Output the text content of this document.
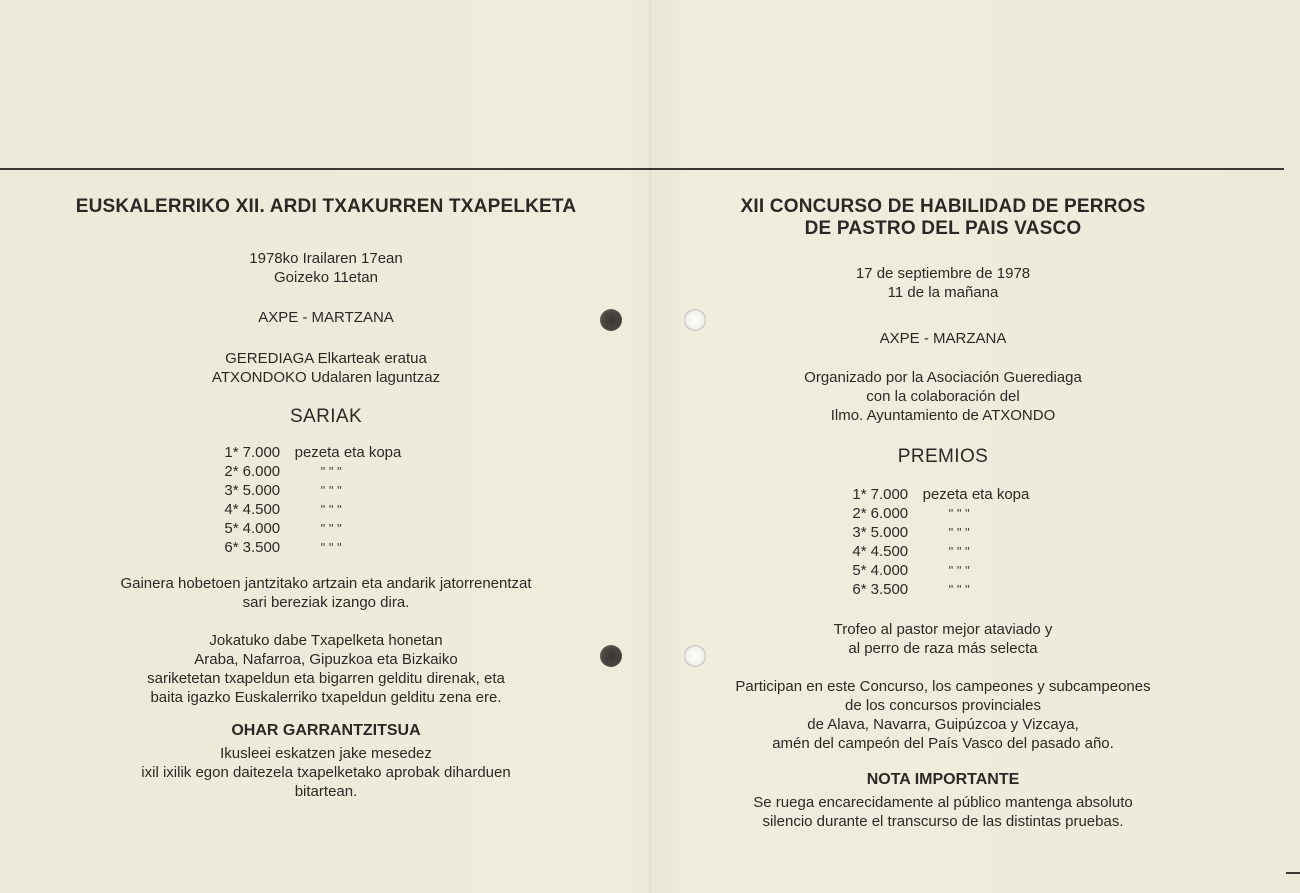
EUSKALERRIKO XII. ARDI TXAKURREN TXAPELKETA

1978ko Irailaren 17ean

Goizeko 11etan

AXPE - MARTZANA

GEREDIAGA Elkarteak eratua

ATXONDOKO Udalaren laguntzaz

SARIAK

1* 7.000 pezeta eta kopa
2* 6.000	" " "
3* 5.000	" " "
4* 4.500	" " "
5* 4.000	" " "
6* 3.500	" " "

Gainera hobetoen jantzitako artzain eta andarik jatorrenentzat

sari bereziak izango dira.

Jokatuko dabe Txapelketa honetan

Araba, Nafarroa, Gipuzkoa eta Bizkaiko

sariketetan txapeldun eta bigarren gelditu direnak, eta

baita igazko Euskalerriko txapeldun gelditu zena ere.

OHAR GARRANTZITSUA

Ikusleei eskatzen jake mesedez

ixil ixilik egon daitezela txapelketako aprobak dihardue​n

bitartean.

XII CONCURSO DE HABILIDAD DE PERROS

DE PASTRO DEL PAIS VASCO

17 de septiembre de 1978

11 de la mañana

AXPE - MARZANA

Organizado por la Asociación Guerediaga

con la colaboración del

Ilmo. Ayuntamiento de ATXONDO

PREMIOS

1* 7.000 pezeta eta kopa
2* 6.000	" " "
3* 5.000	" " "
4* 4.500	" " "
5* 4.000	" " "
6* 3.500	" " "

Trofeo al pastor mejor ataviado y

al perro de raza más selecta

Participan en este Concurso, los campeones y subcampeones

de los concursos provinciales

de Alava, Navarra, Guipúzcoa y Vizcaya,

amén del campeón del País Vasco del pasado año.

NOTA IMPORTANTE

Se ruega encarecidamente al público mantenga absoluto

silencio durante el transcurso de las distintas pruebas.
